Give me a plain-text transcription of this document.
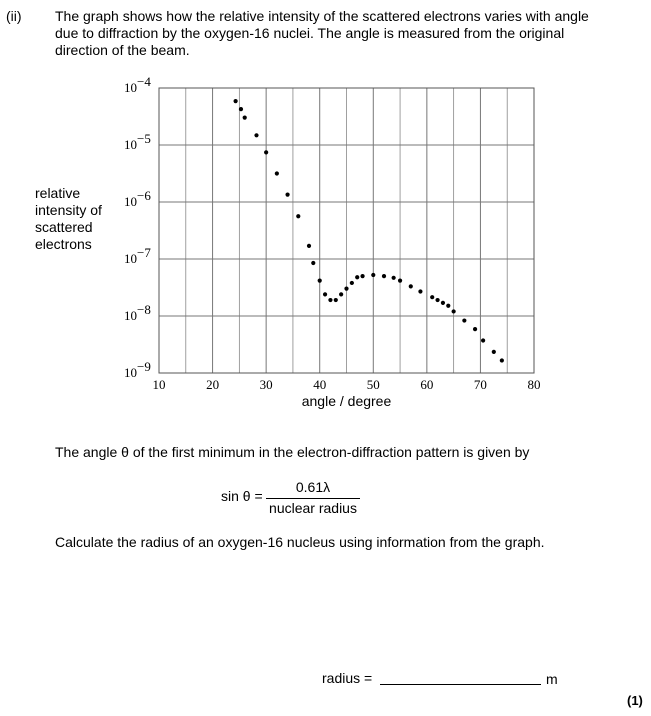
(ii) The graph shows how the relative intensity of the scattered electrons varies with angle due to diffraction by the oxygen-16 nuclei. The angle is measured from the original direction of the beam.
relative intensity of scattered electrons
10	20	30	40	50	60	70	80
10−4
10−5
10−6
10−7
10−8
10−9
angle / degree
The angle θ of the first minimum in the electron-diffraction pattern is given by
sin θ =
0.61λ
nuclear radius
Calculate the radius of an oxygen-16 nucleus using information from the graph.
radius =	m
(1)
